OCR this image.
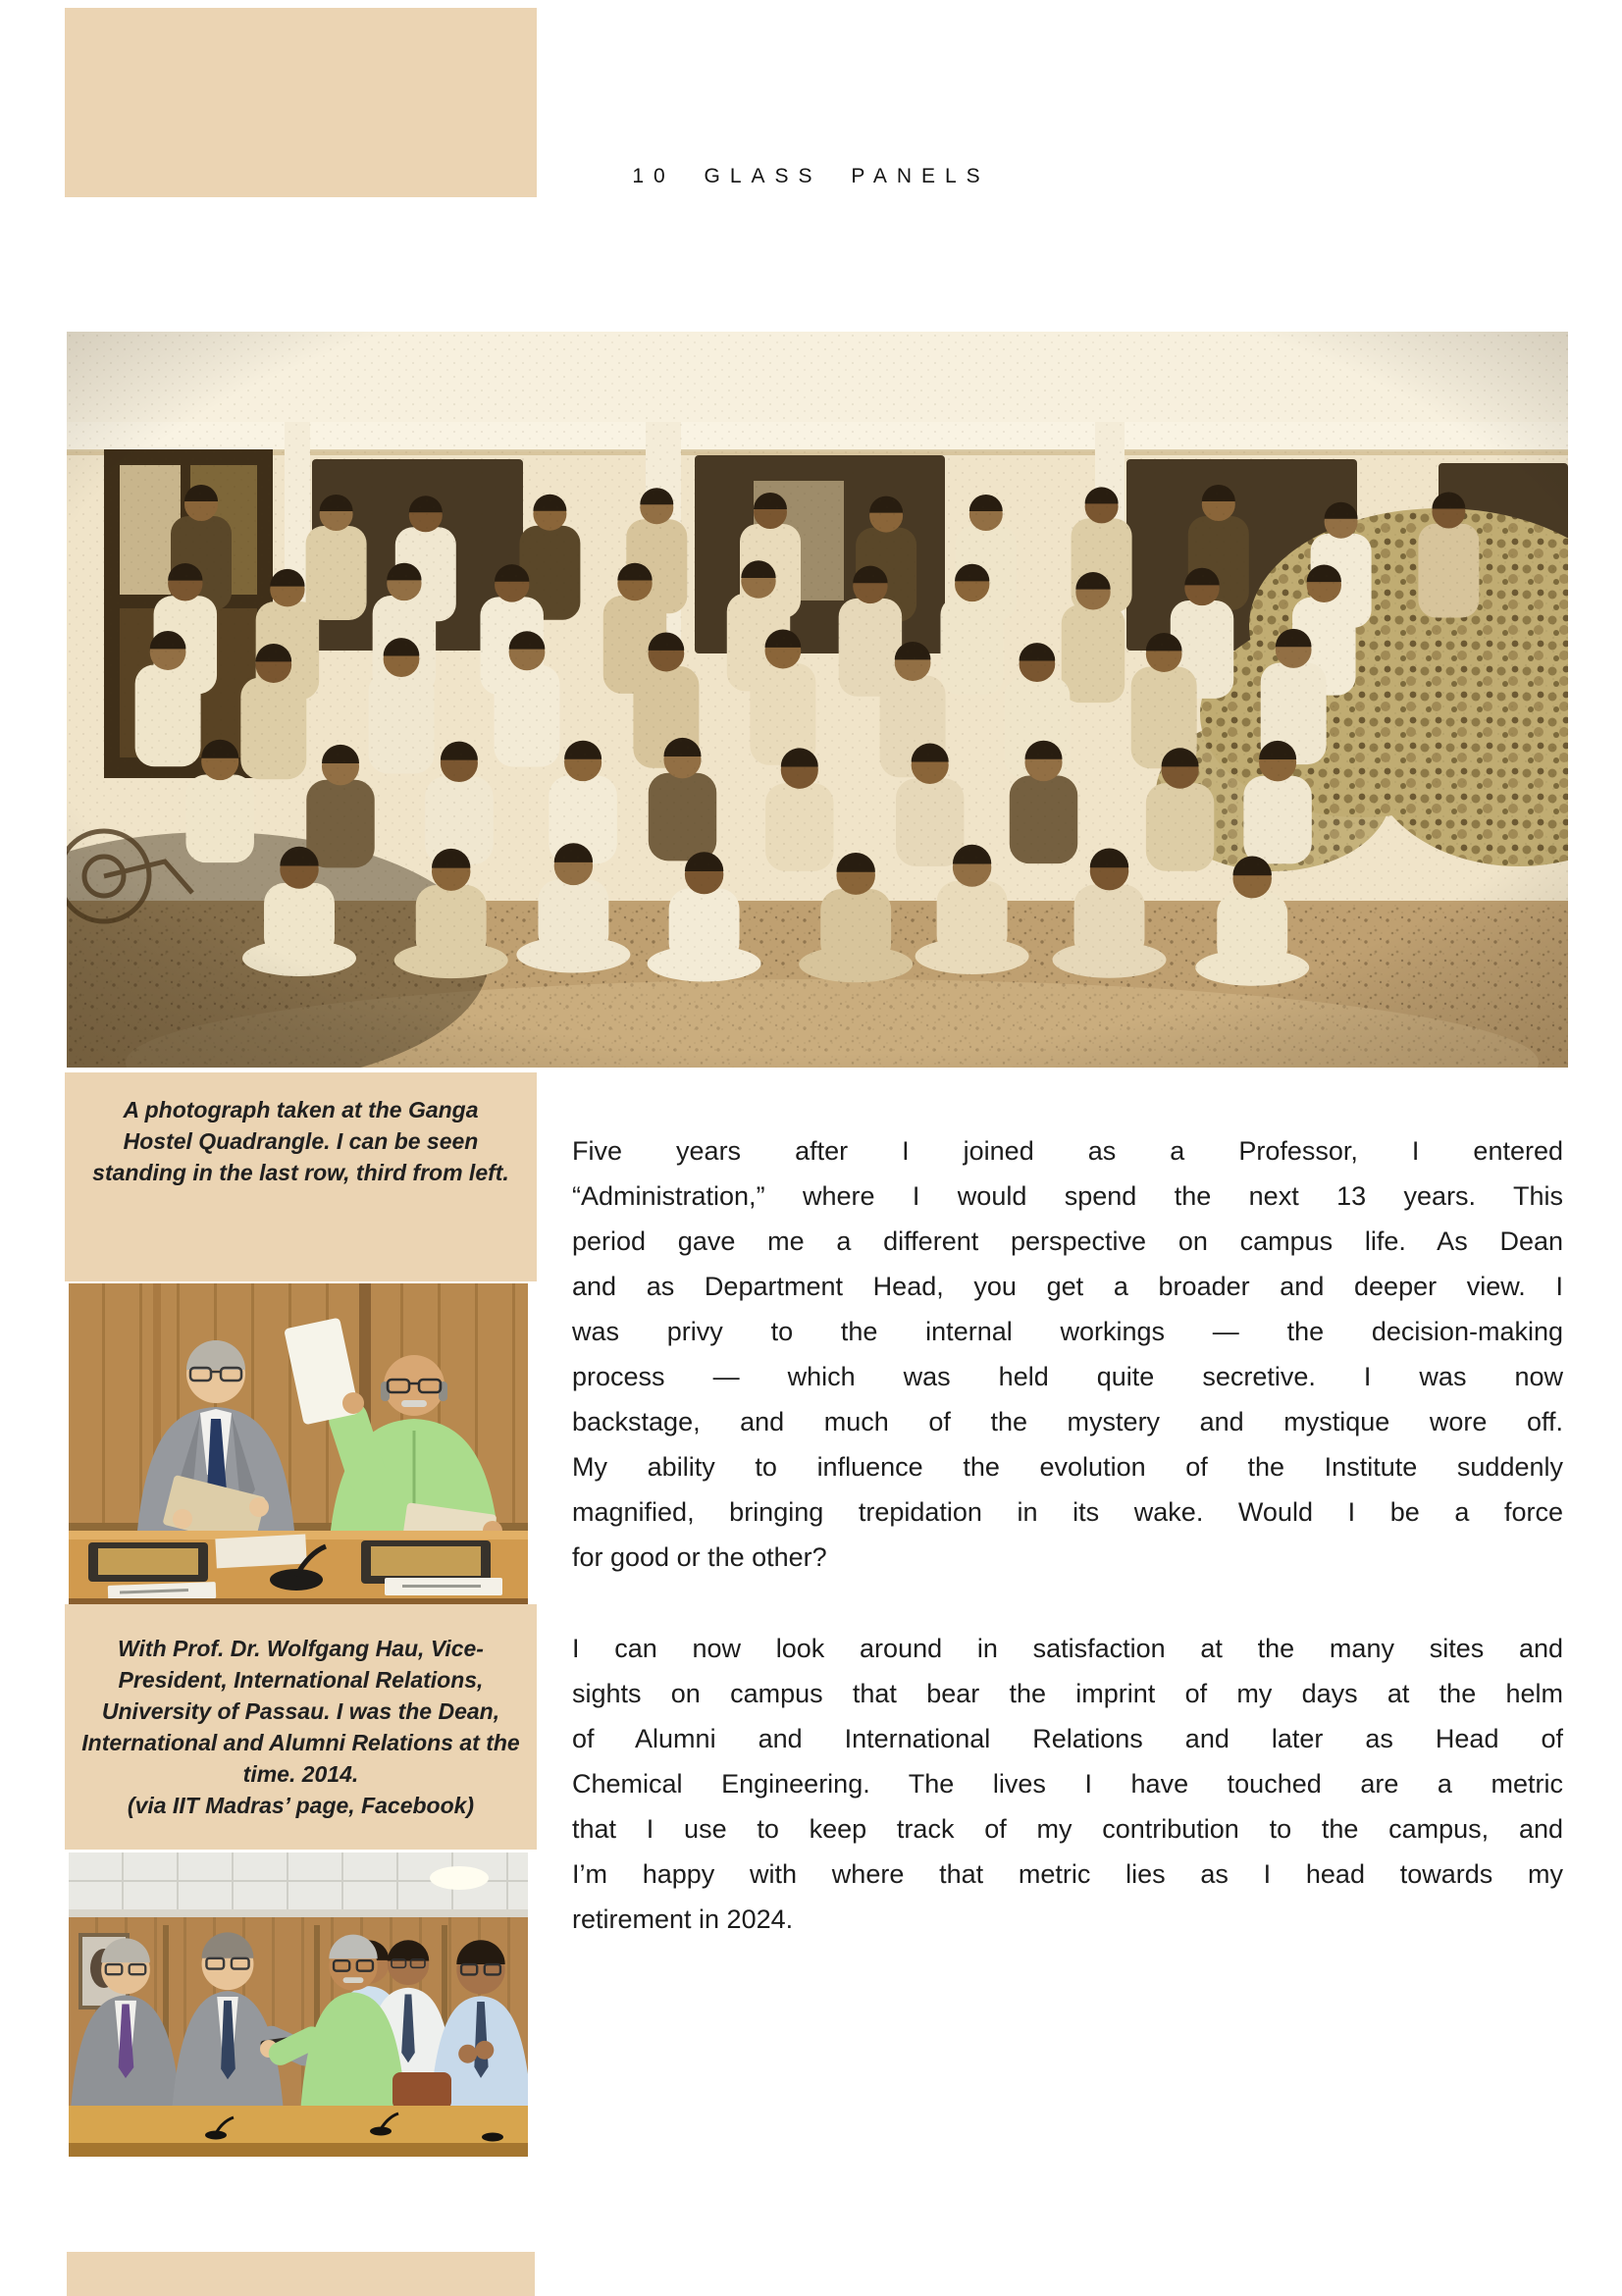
10 GLASS PANELS
A photograph taken at the Ganga
Hostel Quadrangle. I can be seen
standing in the last row, third from left.
With Prof. Dr. Wolfgang Hau, Vice-
President, International Relations,
University of Passau. I was the Dean,
International and Alumni Relations at the
time. 2014.
(via IIT Madras’ page, Facebook)
Five years after I joined as a Professor, I entered
“Administration,” where I would spend the next 13 years. This
period gave me a different perspective on campus life. As Dean
and as Department Head, you get a broader and deeper view. I
was privy to the internal workings — the decision-making
process — which was held quite secretive. I was now
backstage, and much of the mystery and mystique wore off.
My ability to influence the evolution of the Institute suddenly
magnified, bringing trepidation in its wake. Would I be a force
for good or the other?
I can now look around in satisfaction at the many sites and
sights on campus that bear the imprint of my days at the helm
of Alumni and International Relations and later as Head of
Chemical Engineering. The lives I have touched are a metric
that I use to keep track of my contribution to the campus, and
I’m happy with where that metric lies as I head towards my
retirement in 2024.
